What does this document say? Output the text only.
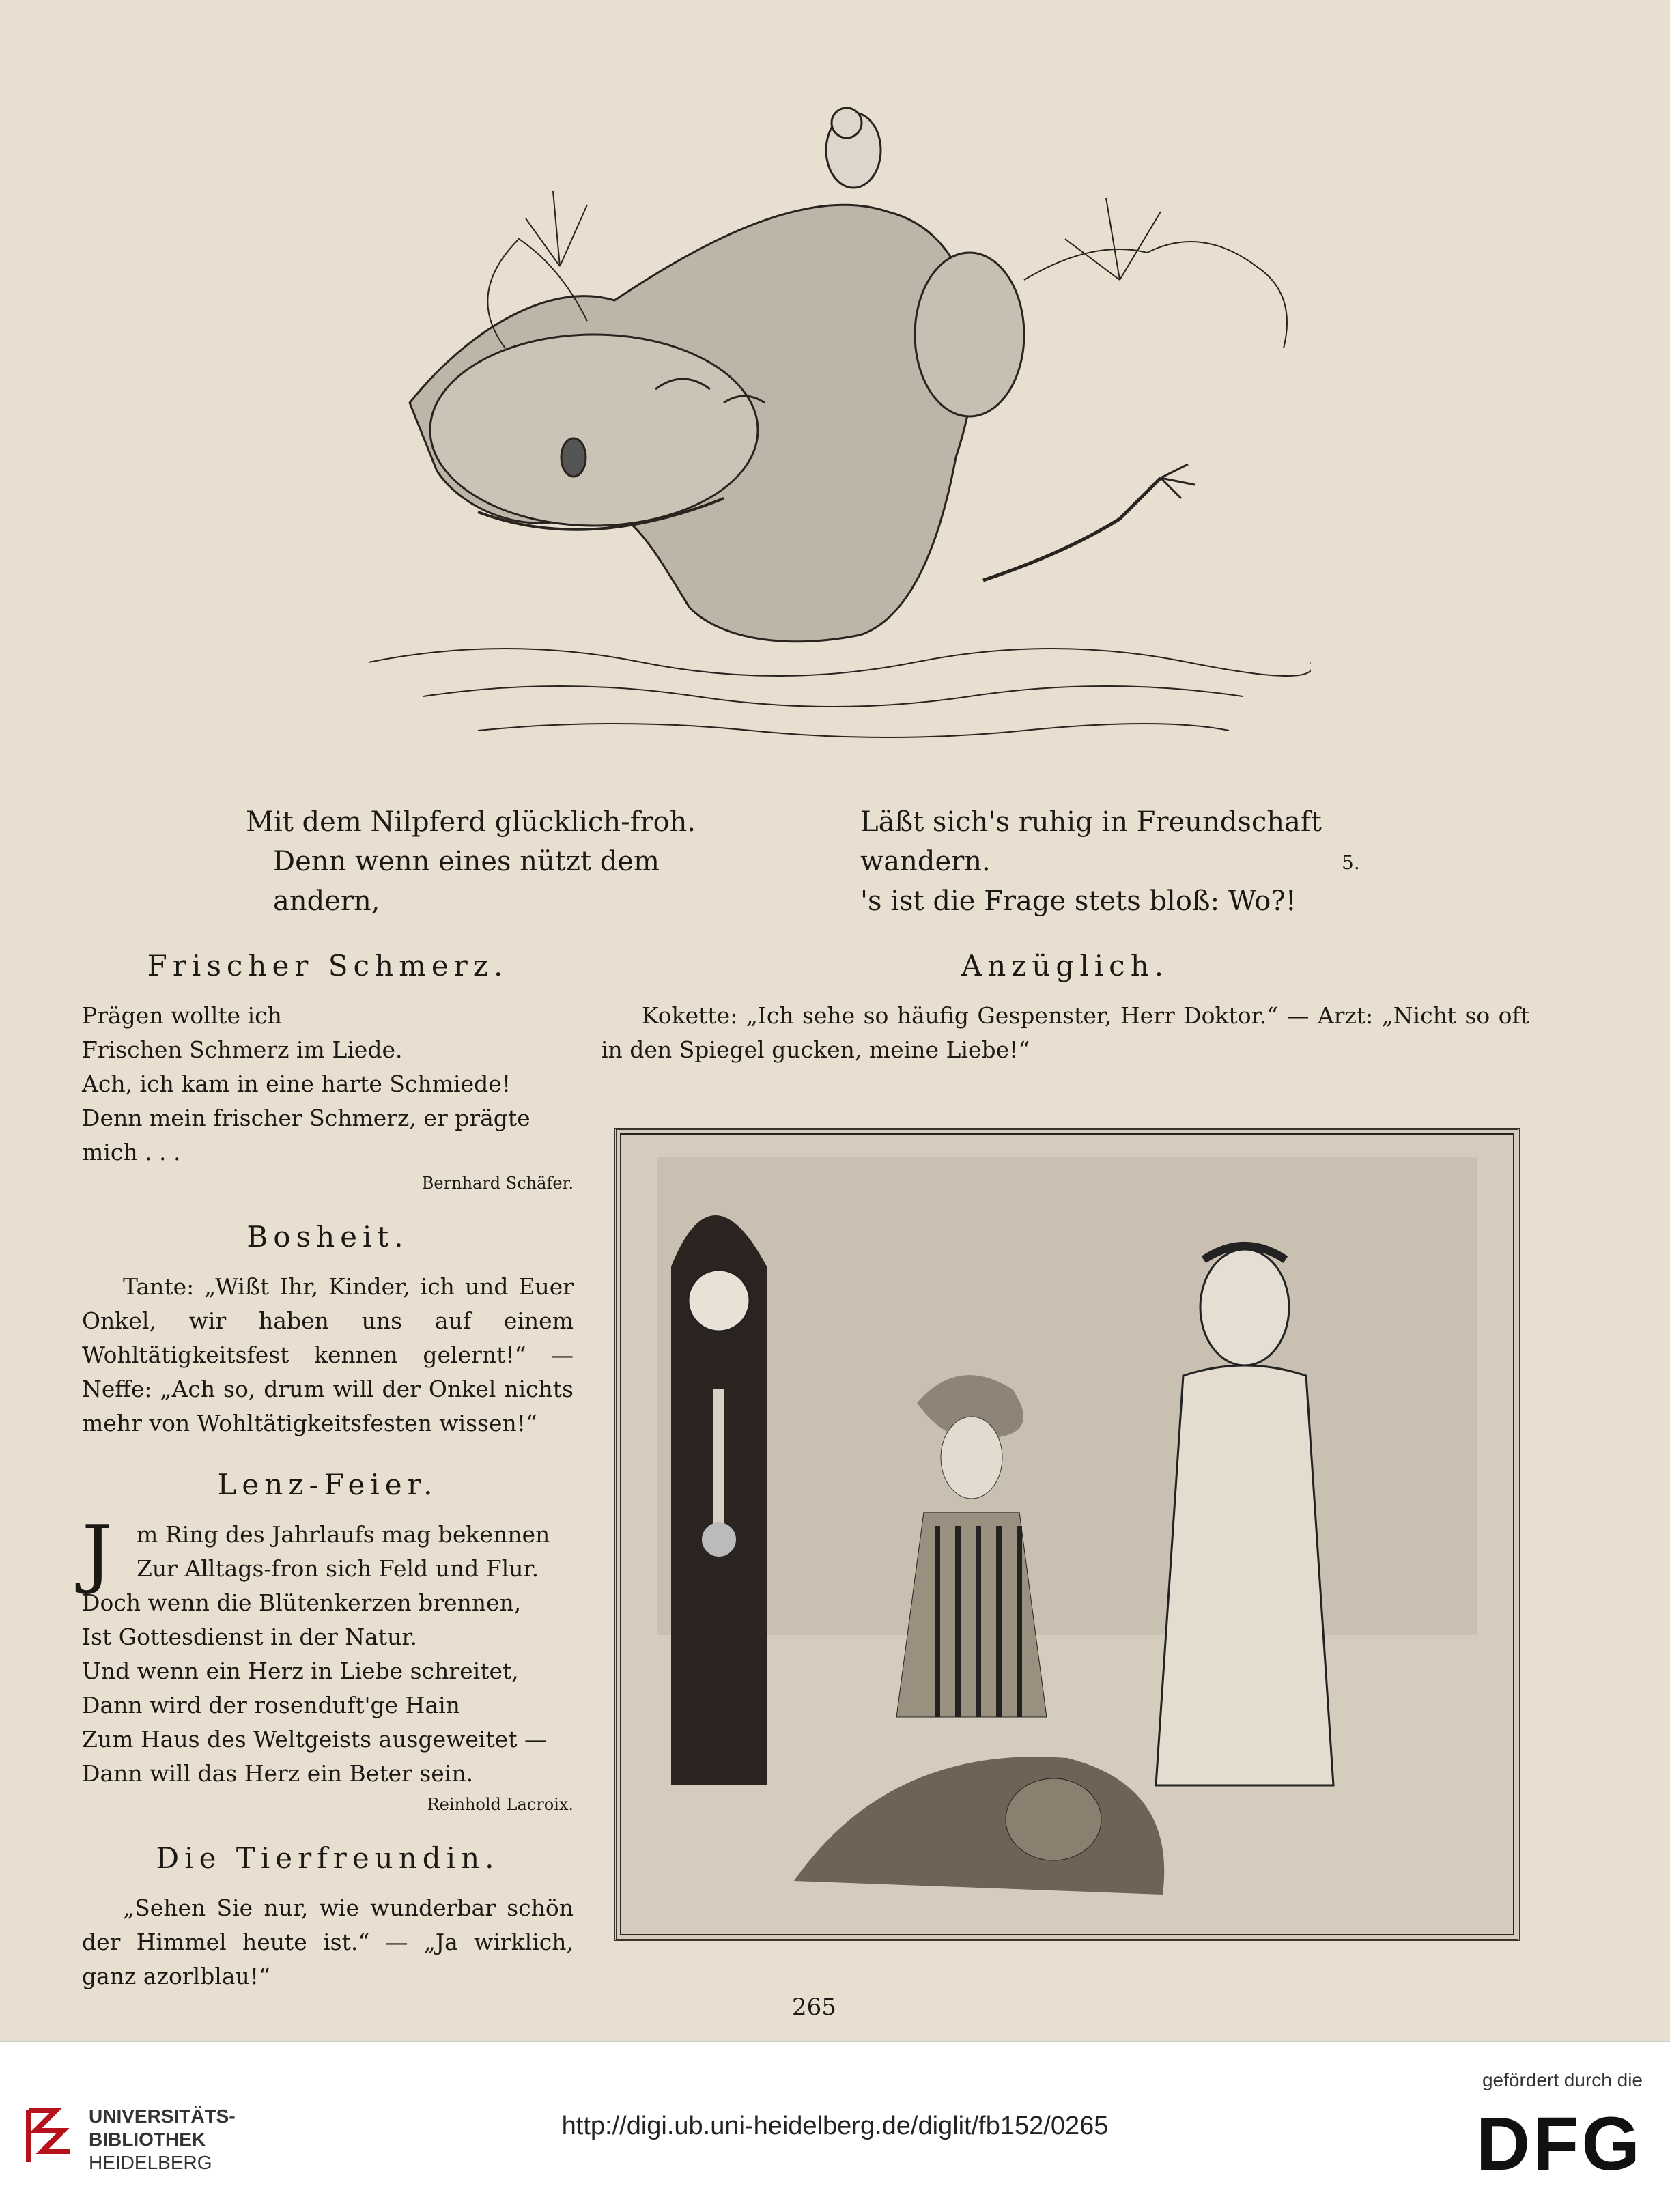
Mit dem Nilpferd glücklich-froh.
Denn wenn eines nützt dem andern,
Läßt sich's ruhig in Freundschaft wandern.
's ist die Frage stets bloß: Wo?!
5.
Frischer Schmerz.
Prägen wollte ich
Frischen Schmerz im Liede.
Ach, ich kam in eine harte Schmiede!
Denn mein frischer Schmerz, er prägte mich . . .
Bernhard Schäfer.
Bosheit.
Tante: „Wißt Ihr, Kinder, ich und Euer Onkel, wir haben uns auf einem Wohltätigkeitsfest kennen gelernt!“ — Neffe: „Ach so, drum will der Onkel nichts mehr von Wohltätigkeitsfesten wissen!“
Lenz-Feier.
J	m Ring des Jahrlaufs mag bekennen
Zur Alltags-fron sich Feld und Flur.
Doch wenn die Blütenkerzen brennen,
Ist Gottesdienst in der Natur.
Und wenn ein Herz in Liebe schreitet,
Dann wird der rosenduft'ge Hain
Zum Haus des Weltgeists ausgeweitet —
Dann will das Herz ein Beter sein.
Reinhold Lacroix.
Die Tierfreundin.
„Sehen Sie nur, wie wunderbar schön der Himmel heute ist.“ — „Ja wirklich, ganz azorlblau!“
Anzüglich.
Kokette: „Ich sehe so häufig Gespenster, Herr Doktor.“ — Arzt: „Nicht so oft in den Spiegel gucken, meine Liebe!“
265
UNIVERSITÄTS-
BIBLIOTHEK
HEIDELBERG
http://digi.ub.uni-heidelberg.de/diglit/fb152/0265
gefördert durch die
DFG
